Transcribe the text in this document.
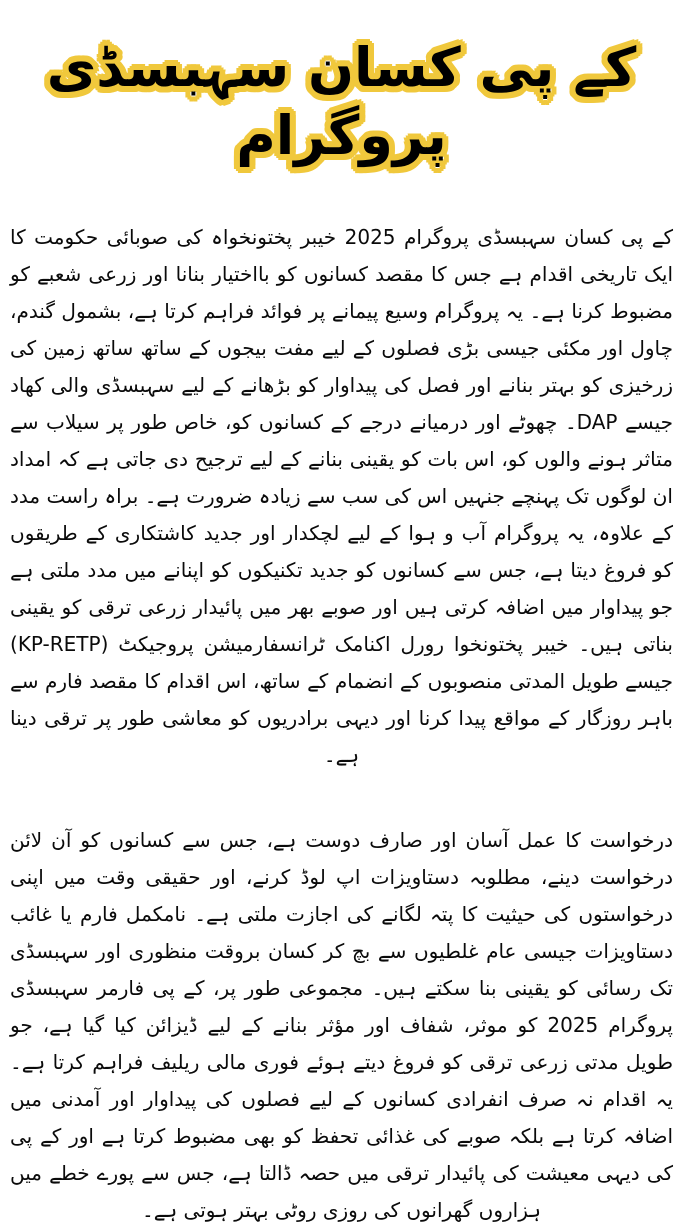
کے پی کسان سہبسڈی پروگرام

کے پی کسان سہبسڈی پروگرام 2025 خیبر پختونخواہ کی صوبائی حکومت کا ایک تاریخی اقدام ہے جس کا مقصد کسانوں کو بااختیار بنانا اور زرعی شعبے کو مضبوط کرنا ہے۔ یہ پروگرام وسیع پیمانے پر فوائد فراہم کرتا ہے، بشمول گندم، چاول اور مکئی جیسی بڑی فصلوں کے لیے مفت بیجوں کے ساتھ ساتھ زمین کی زرخیزی کو بہتر بنانے اور فصل کی پیداوار کو بڑھانے کے لیے سہبسڈی والی کھاد جیسے DAP۔ چھوٹے اور درمیانے درجے کے کسانوں کو، خاص طور پر سیلاب سے متاثر ہونے والوں کو، اس بات کو یقینی بنانے کے لیے ترجیح دی جاتی ہے کہ امداد ان لوگوں تک پہنچے جنہیں اس کی سب سے زیادہ ضرورت ہے۔ براہ راست مدد کے علاوہ، یہ پروگرام آب و ہوا کے لیے لچکدار اور جدید کاشتکاری کے طریقوں کو فروغ دیتا ہے، جس سے کسانوں کو جدید تکنیکوں کو اپنانے میں مدد ملتی ہے جو پیداوار میں اضافہ کرتی ہیں اور صوبے بھر میں پائیدار زرعی ترقی کو یقینی بناتی ہیں۔ خیبر پختونخوا رورل اکنامک ٹرانسفارمیشن پروجیکٹ (KP-RETP) جیسے طویل المدتی منصوبوں کے انضمام کے ساتھ، اس اقدام کا مقصد فارم سے باہر روزگار کے مواقع پیدا کرنا اور دیہی برادریوں کو معاشی طور پر ترقی دینا ہے۔

درخواست کا عمل آسان اور صارف دوست ہے، جس سے کسانوں کو آن لائن درخواست دینے، مطلوبہ دستاویزات اپ لوڈ کرنے، اور حقیقی وقت میں اپنی درخواستوں کی حیثیت کا پتہ لگانے کی اجازت ملتی ہے۔ نامکمل فارم یا غائب دستاویزات جیسی عام غلطیوں سے بچ کر کسان بروقت منظوری اور سہبسڈی تک رسائی کو یقینی بنا سکتے ہیں۔ مجموعی طور پر، کے پی فارمر سہبسڈی پروگرام 2025 کو موثر، شفاف اور مؤثر بنانے کے لیے ڈیزائن کیا گیا ہے، جو طویل مدتی زرعی ترقی کو فروغ دیتے ہوئے فوری مالی ریلیف فراہم کرتا ہے۔ یہ اقدام نہ صرف انفرادی کسانوں کے لیے فصلوں کی پیداوار اور آمدنی میں اضافہ کرتا ہے بلکہ صوبے کی غذائی تحفظ کو بھی مضبوط کرتا ہے اور کے پی کی دیہی معیشت کی پائیدار ترقی میں حصہ ڈالتا ہے، جس سے پورے خطے میں ہزاروں گھرانوں کی روزی روٹی بہتر ہوتی ہے۔
